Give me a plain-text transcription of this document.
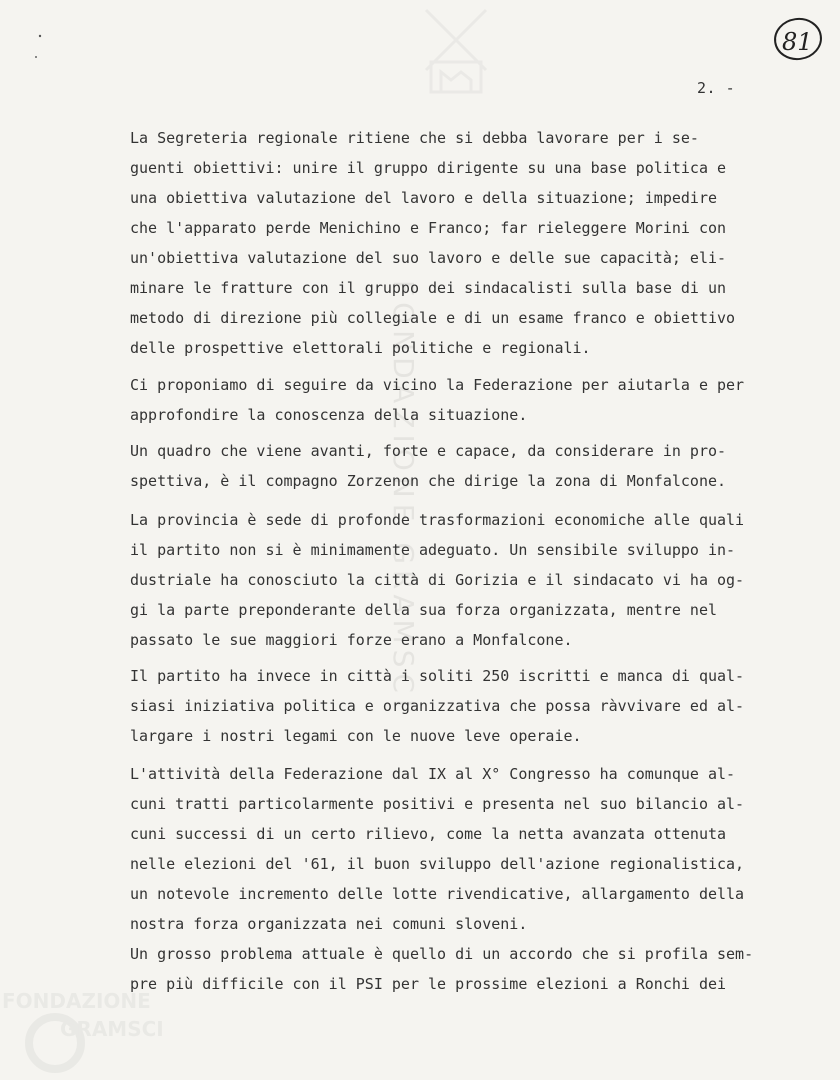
FONDAZIONE GRAMSCI
FONDAZIONE
GRAMSCI
81
2. -
La Segreteria regionale ritiene che si debba lavorare per i se-
guenti obiettivi: unire il gruppo dirigente su una base politica e
una obiettiva valutazione del lavoro e della situazione; impedire
che l'apparato perde Menichino e Franco; far rieleggere Morini con
un'obiettiva valutazione del suo lavoro e delle sue capacità; eli-
minare le fratture con il gruppo dei sindacalisti sulla base di un
metodo di direzione più collegiale e di un esame franco e obiettivo
delle prospettive elettorali politiche e regionali.
Ci proponiamo di seguire da vicino la Federazione per aiutarla e per
approfondire la conoscenza della situazione.
Un quadro che viene avanti, forte e capace, da considerare in pro-
spettiva, è il compagno Zorzenon che dirige la zona di Monfalcone.
La provincia è sede di profonde trasformazioni economiche alle quali
il partito non si è minimamente adeguato. Un sensibile sviluppo in-
dustriale ha conosciuto la città di Gorizia e il sindacato vi ha og-
gi la parte preponderante della sua forza organizzata, mentre nel
passato le sue maggiori forze erano a Monfalcone.
Il partito ha invece in città i soliti 250 iscritti e manca di qual-
siasi iniziativa politica e organizzativa che possa ràvvivare ed al-
largare i nostri legami con le nuove leve operaie.
L'attività della Federazione dal IX al X° Congresso ha comunque al-
cuni tratti particolarmente positivi e presenta nel suo bilancio al-
cuni successi di un certo rilievo, come la netta avanzata ottenuta
nelle elezioni del '61, il buon sviluppo dell'azione regionalistica,
un notevole incremento delle lotte rivendicative, allargamento della
nostra forza organizzata nei comuni sloveni.
Un grosso problema attuale è quello di un accordo che si profila sem-
pre più difficile con il PSI per le prossime elezioni a Ronchi dei
